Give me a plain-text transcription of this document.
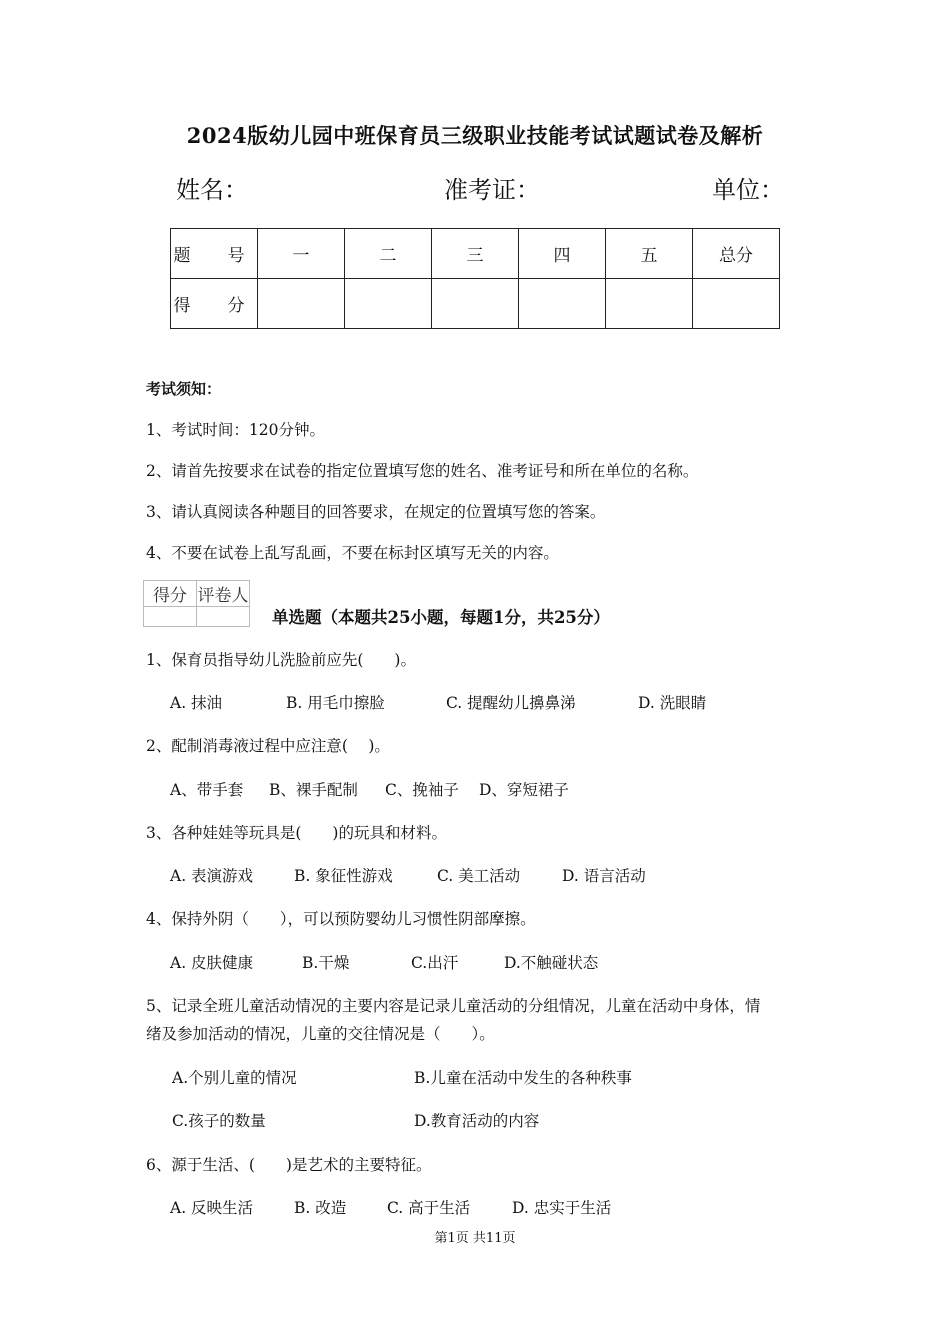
2024版幼儿园中班保育员三级职业技能考试试题试卷及解析
姓名：	准考证：	单位：
题　号	一	二	三	四	五	总分
得　分						
考试须知：
1、考试时间：120分钟。
2、请首先按要求在试卷的指定位置填写您的姓名、准考证号和所在单位的名称。
3、请认真阅读各种题目的回答要求，在规定的位置填写您的答案。
4、不要在试卷上乱写乱画，不要在标封区填写无关的内容。
得分	评卷人

单选题（本题共25小题，每题1分，共25分）
1、保育员指导幼儿洗脸前应先(　　)。
A. 抹油	B. 用毛巾擦脸	C. 提醒幼儿擤鼻涕	D. 洗眼睛
2、配制消毒液过程中应注意(　 )。
A、带手套 B、裸手配制 C、挽袖子 D、穿短裙子
3、各种娃娃等玩具是(　　)的玩具和材料。
A. 表演游戏	B. 象征性游戏	C. 美工活动	D. 语言活动
4、保持外阴（　　），可以预防婴幼儿习惯性阴部摩擦。
A. 皮肤健康	B.干燥	C.出汗	D.不触碰状态
5、记录全班儿童活动情况的主要内容是记录儿童活动的分组情况，儿童在活动中身体，情
绪及参加活动的情况，儿童的交往情况是（　　）。
A.个别儿童的情况	B.儿童在活动中发生的各种秩事
C.孩子的数量	D.教育活动的内容
6、源于生活、(　　)是艺术的主要特征。
A. 反映生活	B. 改造	C. 高于生活	D. 忠实于生活
第1页 共11页
